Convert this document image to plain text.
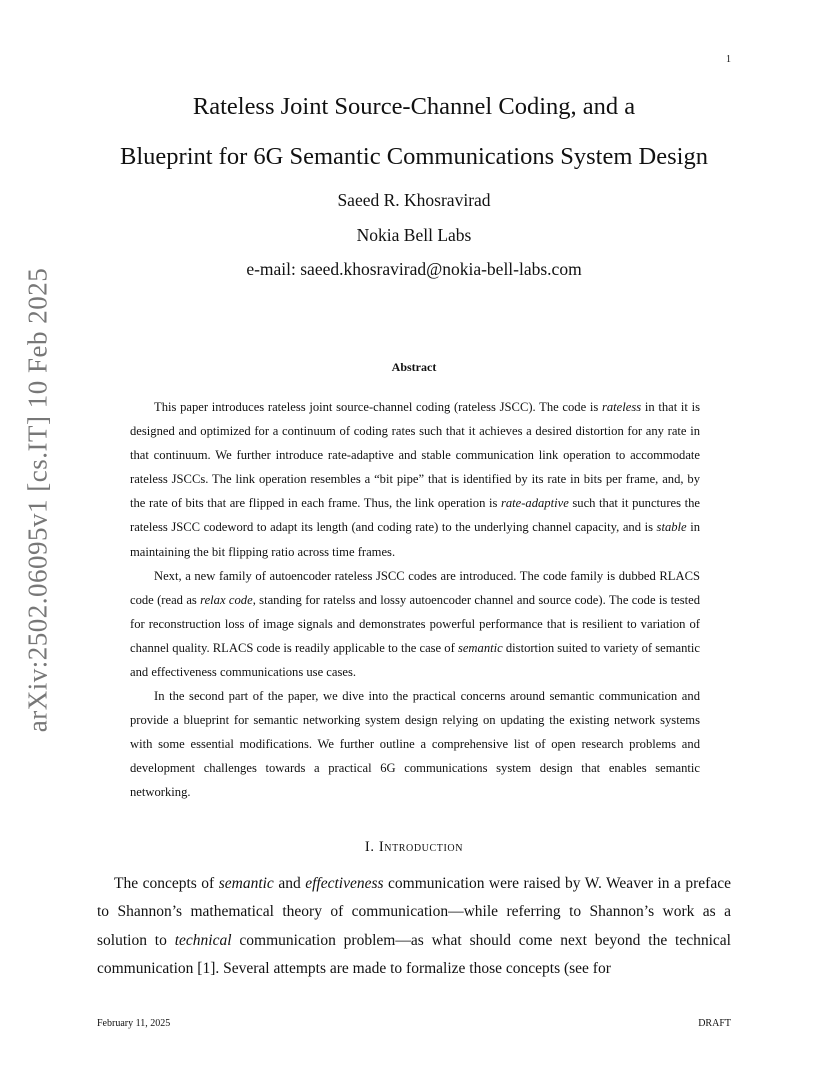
1
arXiv:2502.06095v1 [cs.IT] 10 Feb 2025
Rateless Joint Source-Channel Coding, and a
Blueprint for 6G Semantic Communications System Design
Saeed R. Khosravirad
Nokia Bell Labs
e-mail: saeed.khosravirad@nokia-bell-labs.com
Abstract

This paper introduces rateless joint source-channel coding (rateless JSCC). The code is rateless in that it is designed and optimized for a continuum of coding rates such that it achieves a desired distortion for any rate in that continuum. We further introduce rate-adaptive and stable communication link operation to accommodate rateless JSCCs. The link operation resembles a “bit pipe” that is identified by its rate in bits per frame, and, by the rate of bits that are flipped in each frame. Thus, the link operation is rate-adaptive such that it punctures the rateless JSCC codeword to adapt its length (and coding rate) to the underlying channel capacity, and is stable in maintaining the bit flipping ratio across time frames.

Next, a new family of autoencoder rateless JSCC codes are introduced. The code family is dubbed RLACS code (read as relax code, standing for ratelss and lossy autoencoder channel and source code). The code is tested for reconstruction loss of image signals and demonstrates powerful performance that is resilient to variation of channel quality. RLACS code is readily applicable to the case of semantic distortion suited to variety of semantic and effectiveness communications use cases.

In the second part of the paper, we dive into the practical concerns around semantic communication and provide a blueprint for semantic networking system design relying on updating the existing network systems with some essential modifications. We further outline a comprehensive list of open research problems and development challenges towards a practical 6G communications system design that enables semantic networking.

I. Introduction

The concepts of semantic and effectiveness communication were raised by W. Weaver in a preface to Shannon’s mathematical theory of communication—while referring to Shannon’s work as a solution to technical communication problem—as what should come next beyond the technical communication [1]. Several attempts are made to formalize those concepts (see for

February 11, 2025	DRAFT
